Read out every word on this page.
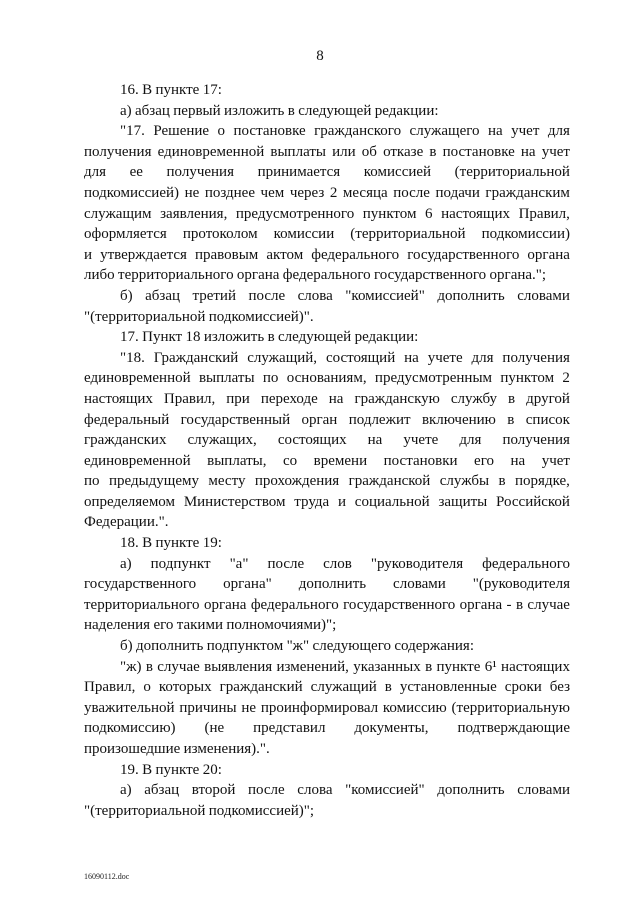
8
16. В пункте 17:
а) абзац первый изложить в следующей редакции:
"17. Решение о постановке гражданского служащего на учет для
получения единовременной выплаты или об отказе в постановке на учет
для ее получения принимается комиссией (территориальной
подкомиссией) не позднее чем через 2 месяца после подачи гражданским
служащим заявления, предусмотренного пунктом 6 настоящих Правил,
оформляется протоколом комиссии (территориальной подкомиссии)
и утверждается правовым актом федерального государственного органа
либо территориального органа федерального государственного органа.";
б) абзац третий после слова "комиссией" дополнить словами
"(территориальной подкомиссией)".
17. Пункт 18 изложить в следующей редакции:
"18. Гражданский служащий, состоящий на учете для получения
единовременной выплаты по основаниям, предусмотренным пунктом 2
настоящих Правил, при переходе на гражданскую службу в другой
федеральный государственный орган подлежит включению в список
гражданских служащих, состоящих на учете для получения
единовременной выплаты, со времени постановки его на учет
по предыдущему месту прохождения гражданской службы в порядке,
определяемом Министерством труда и социальной защиты Российской
Федерации.".
18. В пункте 19:
а) подпункт "а" после слов "руководителя федерального
государственного органа" дополнить словами "(руководителя
территориального органа федерального государственного органа - в случае
наделения его такими полномочиями)";
б) дополнить подпунктом "ж" следующего содержания:
"ж) в случае выявления изменений, указанных в пункте 6¹ настоящих
Правил, о которых гражданский служащий в установленные сроки без
уважительной причины не проинформировал комиссию (территориальную
подкомиссию) (не представил документы, подтверждающие
произошедшие изменения).".
19. В пункте 20:
а) абзац второй после слова "комиссией" дополнить словами
"(территориальной подкомиссией)";
16090112.doc
